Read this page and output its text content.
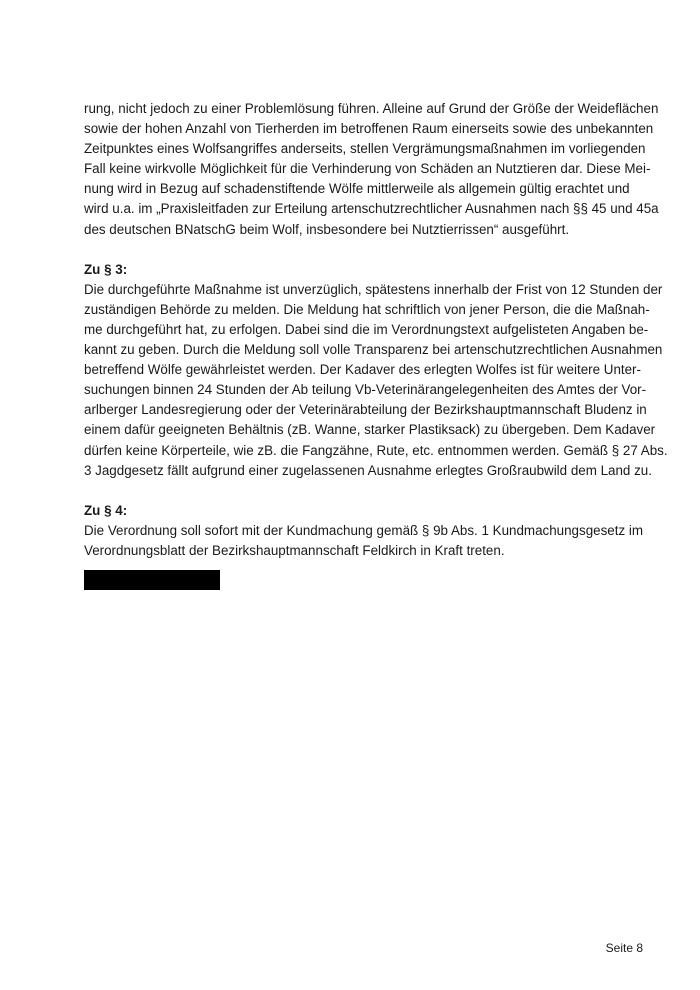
rung, nicht jedoch zu einer Problemlösung führen. Alleine auf Grund der Größe der Weideflächen
sowie der hohen Anzahl von Tierherden im betroffenen Raum einerseits sowie des unbekannten
Zeitpunktes eines Wolfsangriffes anderseits, stellen Vergrämungsmaßnahmen im vorliegenden
Fall keine wirkvolle Möglichkeit für die Verhinderung von Schäden an Nutztieren dar. Diese Mei-
nung wird in Bezug auf schadenstiftende Wölfe mittlerweile als allgemein gültig erachtet und
wird u.a. im „Praxisleitfaden zur Erteilung artenschutzrechtlicher Ausnahmen nach §§ 45 und 45a
des deutschen BNatschG beim Wolf, insbesondere bei Nutztierrissen“ ausgeführt.
Zu § 3:
Die durchgeführte Maßnahme ist unverzüglich, spätestens innerhalb der Frist von 12 Stunden der
zuständigen Behörde zu melden. Die Meldung hat schriftlich von jener Person, die die Maßnah-
me durchgeführt hat, zu erfolgen. Dabei sind die im Verordnungstext aufgelisteten Angaben be-
kannt zu geben. Durch die Meldung soll volle Transparenz bei artenschutzrechtlichen Ausnahmen
betreffend Wölfe gewährleistet werden. Der Kadaver des erlegten Wolfes ist für weitere Unter-
suchungen binnen 24 Stunden der Ab teilung Vb-Veterinärangelegenheiten des Amtes der Vor-
arlberger Landesregierung oder der Veterinärabteilung der Bezirkshauptmannschaft Bludenz in
einem dafür geeigneten Behältnis (zB. Wanne, starker Plastiksack) zu übergeben. Dem Kadaver
dürfen keine Körperteile, wie zB. die Fangzähne, Rute, etc. entnommen werden. Gemäß § 27 Abs.
3 Jagdgesetz fällt aufgrund einer zugelassenen Ausnahme erlegtes Großraubwild dem Land zu.
Zu § 4:
Die Verordnung soll sofort mit der Kundmachung gemäß § 9b Abs. 1 Kundmachungsgesetz im
Verordnungsblatt der Bezirkshauptmannschaft Feldkirch in Kraft treten.
Seite 8
